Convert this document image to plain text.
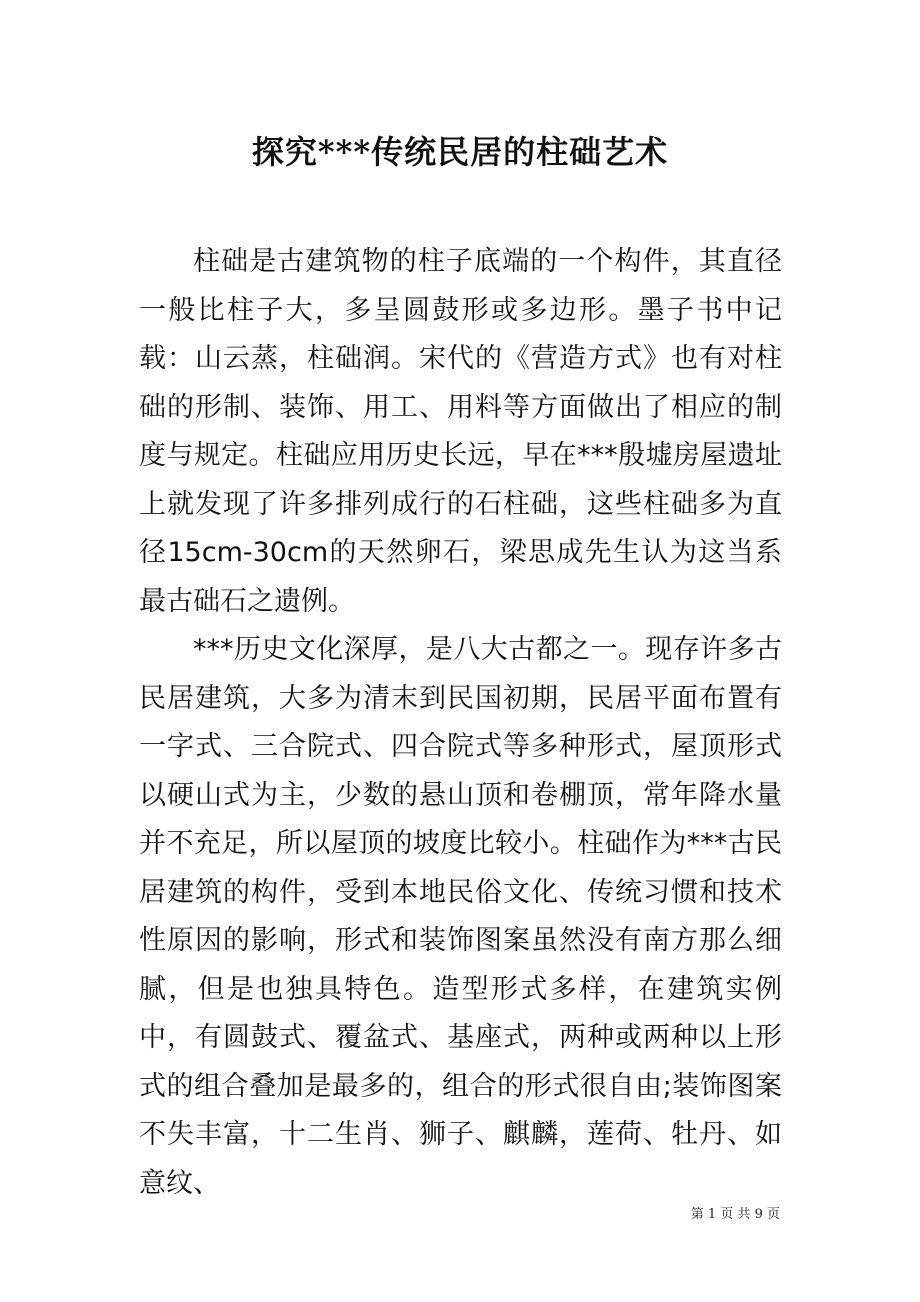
探究***传统民居的柱础艺术

柱础是古建筑物的柱子底端的一个构件，其直径一般比柱子大，多呈圆鼓形或多边形。墨子书中记载：山云蒸，柱础润。宋代的《营造方式》也有对柱础的形制、装饰、用工、用料等方面做出了相应的制度与规定。柱础应用历史长远，早在***殷墟房屋遗址上就发现了许多排列成行的石柱础，这些柱础多为直径15cm-30cm的天然卵石，梁思成先生认为这当系最古础石之遗例。

***历史文化深厚，是八大古都之一。现存许多古民居建筑，大多为清末到民国初期，民居平面布置有一字式、三合院式、四合院式等多种形式，屋顶形式以硬山式为主，少数的悬山顶和卷棚顶，常年降水量并不充足，所以屋顶的坡度比较小。柱础作为***古民居建筑的构件，受到本地民俗文化、传统习惯和技术性原因的影响，形式和装饰图案虽然没有南方那么细腻，但是也独具特色。造型形式多样，在建筑实例中，有圆鼓式、覆盆式、基座式，两种或两种以上形式的组合叠加是最多的，组合的形式很自由;装饰图案不失丰富，十二生肖、狮子、麒麟，莲荷、牡丹、如意纹、

第 1 页 共 9 页
